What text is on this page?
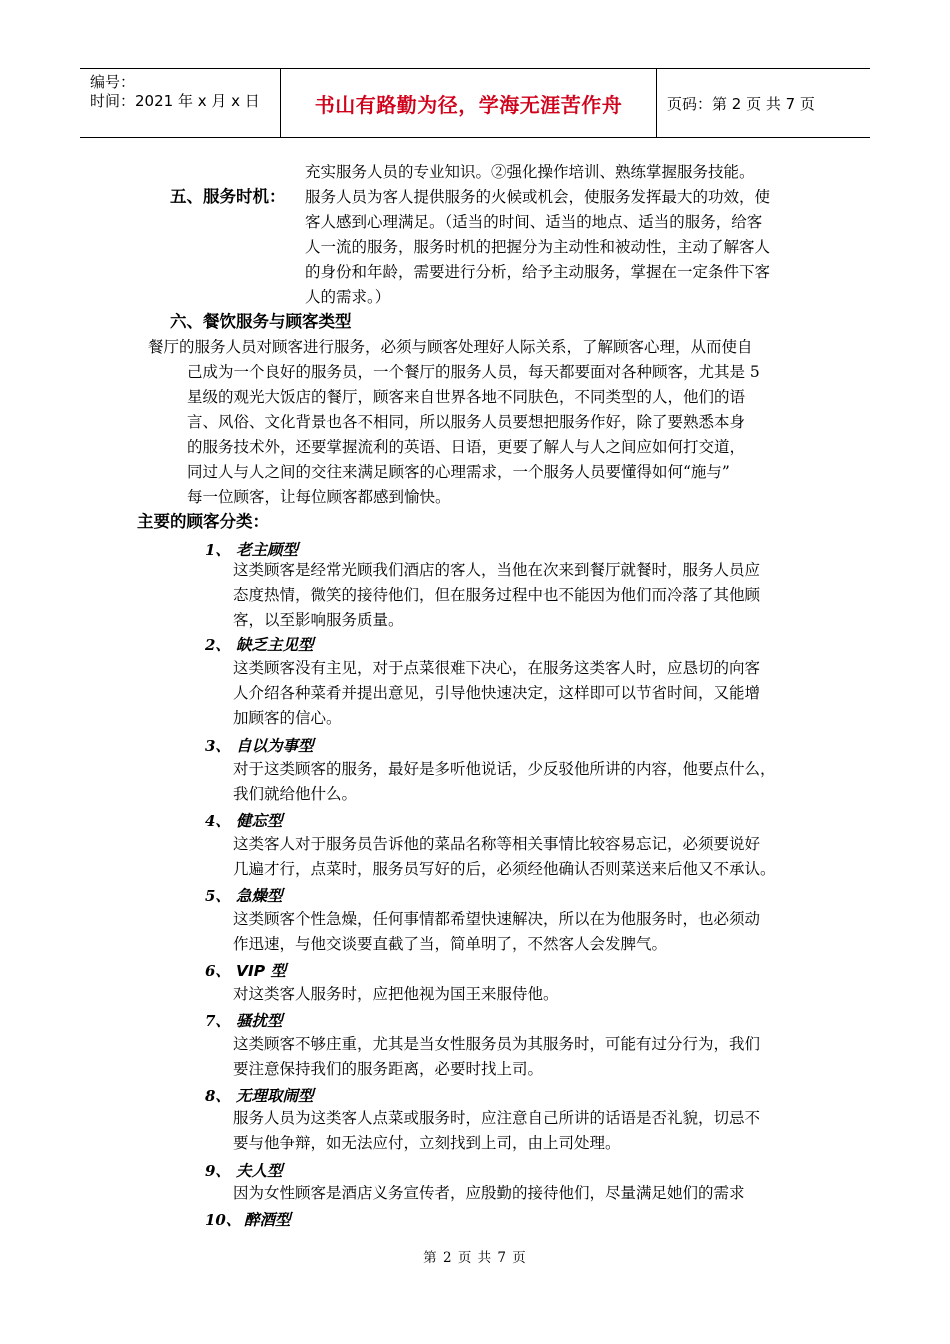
编号：
时间：2021 年 x 月 x 日	书山有路勤为径，学海无涯苦作舟	页码：第 2 页 共 7 页
充实服务人员的专业知识。②强化操作培训、熟练掌握服务技能。
五、服务时机： 服务人员为客人提供服务的火候或机会，使服务发挥最大的功效，使
客人感到心理满足。（适当的时间、适当的地点、适当的服务，给客
人一流的服务，服务时机的把握分为主动性和被动性，主动了解客人
的身份和年龄，需要进行分析，给予主动服务，掌握在一定条件下客
人的需求。）
六、餐饮服务与顾客类型
餐厅的服务人员对顾客进行服务，必须与顾客处理好人际关系，了解顾客心理，从而使自
己成为一个良好的服务员，一个餐厅的服务人员，每天都要面对各种顾客，尤其是 5
星级的观光大饭店的餐厅，顾客来自世界各地不同肤色，不同类型的人，他们的语
言、风俗、文化背景也各不相同，所以服务人员要想把服务作好，除了要熟悉本身
的服务技术外，还要掌握流利的英语、日语，更要了解人与人之间应如何打交道，
同过人与人之间的交往来满足顾客的心理需求，一个服务人员要懂得如何“施与”
每一位顾客，让每位顾客都感到愉快。
主要的顾客分类：
1、 老主顾型
这类顾客是经常光顾我们酒店的客人，当他在次来到餐厅就餐时，服务人员应
态度热情，微笑的接待他们，但在服务过程中也不能因为他们而冷落了其他顾
客，以至影响服务质量。
2、 缺乏主见型
这类顾客没有主见，对于点菜很难下决心，在服务这类客人时，应恳切的向客
人介绍各种菜肴并提出意见，引导他快速决定，这样即可以节省时间，又能增
加顾客的信心。
3、 自以为事型
对于这类顾客的服务，最好是多听他说话，少反驳他所讲的内容，他要点什么，
我们就给他什么。
4、 健忘型
这类客人对于服务员告诉他的菜品名称等相关事情比较容易忘记，必须要说好
几遍才行，点菜时，服务员写好的后，必须经他确认否则菜送来后他又不承认。
5、 急燥型
这类顾客个性急燥，任何事情都希望快速解决，所以在为他服务时，也必须动
作迅速，与他交谈要直截了当，简单明了，不然客人会发脾气。
6、 VIP 型
对这类客人服务时，应把他视为国王来服侍他。
7、 骚扰型
这类顾客不够庄重，尤其是当女性服务员为其服务时，可能有过分行为，我们
要注意保持我们的服务距离，必要时找上司。
8、 无理取闹型
服务人员为这类客人点菜或服务时，应注意自己所讲的话语是否礼貌，切忌不
要与他争辩，如无法应付，立刻找到上司，由上司处理。
9、 夫人型
因为女性顾客是酒店义务宣传者，应殷勤的接待他们，尽量满足她们的需求
10、 醉酒型
第 2 页 共 7 页
